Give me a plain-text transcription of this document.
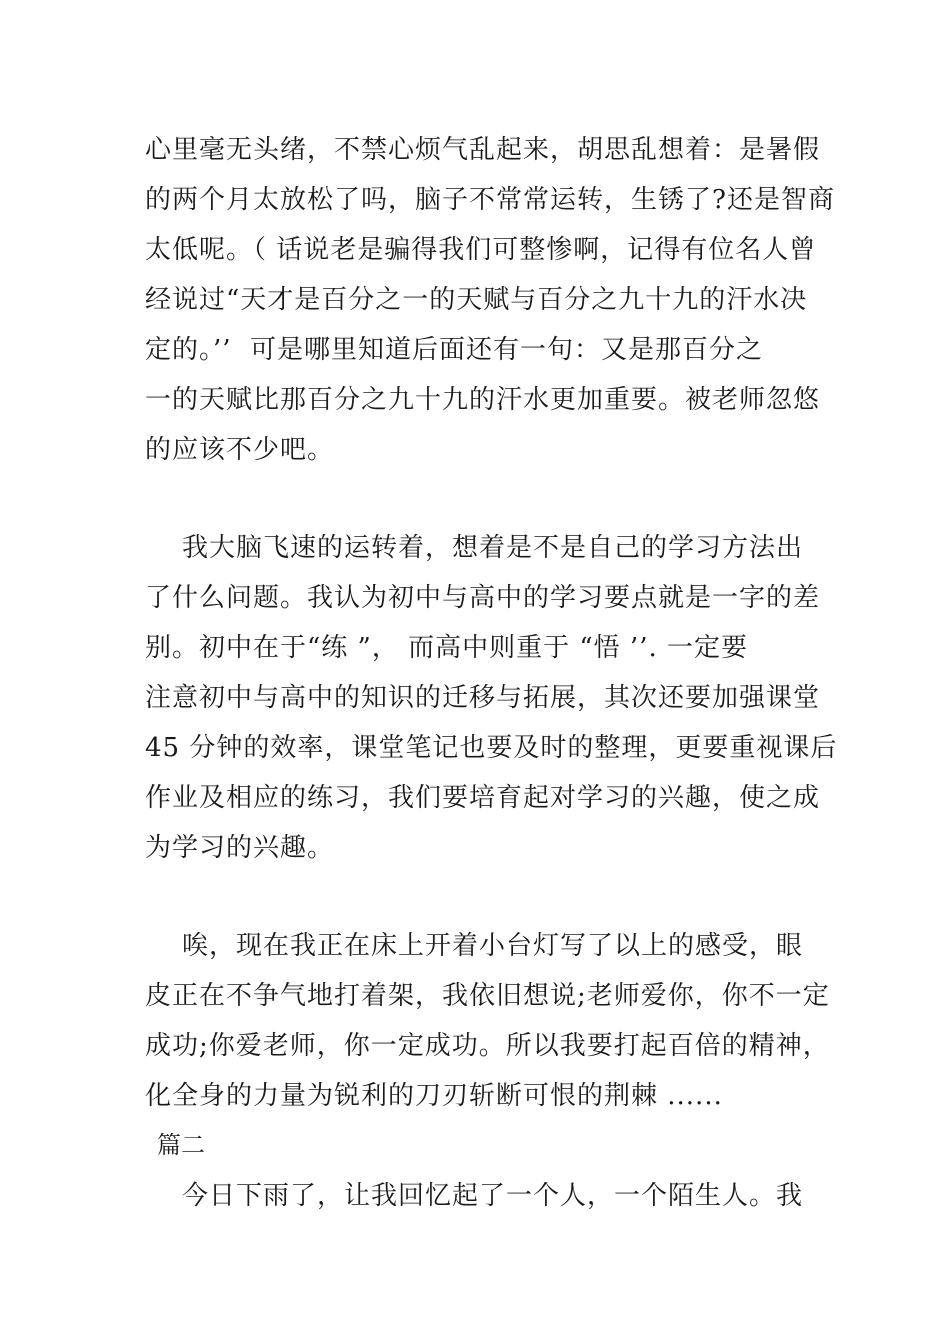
心里毫无头绪，不禁心烦气乱起来，胡思乱想着：是暑假
的两个月太放松了吗，脑子不常常运转，生锈了?还是智商
太低呢。（ 话说老是骗得我们可整惨啊，记得有位名人曾
经说过“天才是百分之一的天赋与百分之九十九的汗水决
定的。’’  可是哪里知道后面还有一句：又是那百分之
一的天赋比那百分之九十九的汗水更加重要。被老师忽悠
的应该不少吧。
我大脑飞速的运转着，想着是不是自己的学习方法出
了什么问题。我认为初中与高中的学习要点就是一字的差
别。初中在于“练 ”， 而高中则重于 “悟 ’’. 一定要
注意初中与高中的知识的迁移与拓展，其次还要加强课堂
45 分钟的效率，课堂笔记也要及时的整理，更要重视课后
作业及相应的练习，我们要培育起对学习的兴趣，使之成
为学习的兴趣。
唉，现在我正在床上开着小台灯写了以上的感受，眼
皮正在不争气地打着架，我依旧想说;老师爱你，你不一定
成功;你爱老师，你一定成功。所以我要打起百倍的精神，
化全身的力量为锐利的刀刃斩断可恨的荆棘 ......
篇二
今日下雨了，让我回忆起了一个人，一个陌生人。我
